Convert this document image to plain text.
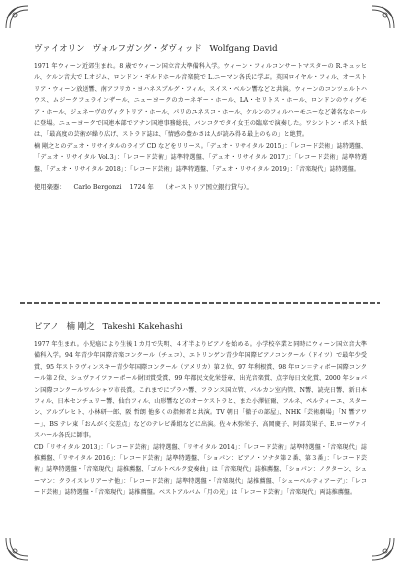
ヴァイオリン ヴォルフガング・ダヴィッド Wolfgang David

1971 年ウィーン近郊生まれ。8 歳でウィーン国立音大準備科入学。ウィーン・フィルコンサートマスターの R.キュッヒル、ケルン音大で I.オジム、ロンドン・ギルドホール音楽院で L.ニーマン各氏に学ぶ。英国ロイヤル・フィル、オーストリア・ウィーン放送響、南アフリカ・ヨハネスブルグ・フィル、スイス・ベルン響などと共演。ウィーンのコンツェルトハウス、ムジークフェラインザール、ニューヨークのカーネギー・ホール、LA・セリトス・ホール、ロンドンのウィグモア・ホール、ジュネーヴのヴィクトリア・ホール、パリのユネスコ・ホール、ケルンのフィルハーモニーなど著名なホールに登場。ニューヨークで国連本部でアナン国連事務総長、バンコクでタイ女王の臨席で演奏した。ワシントン・ポスト紙は、「最高度の芸術が繰り広げ、ストラド誌は、「情感の豊かさは人が読み得る最上のもの」と絶賛。

楠 剛之とのデュオ・リサイタルのライブ CD などをリリース。「デュオ・リサイタル 2015」：「レコード芸術」誌特選盤、「デュオ・リサイタル Vol.3」：「レコード芸術」誌準特選盤、「デュオ・リサイタル 2017」：「レコード芸術」誌準特選盤、「デュオ・リサイタル 2018」：「レコード芸術」誌準特選盤、「デュオ・リサイタル 2019」：「音楽現代」誌特選盤。

使用楽器： Carlo Bergonzi 1724 年 （オーストリア国立銀行貸与）。
ピアノ 楠 剛之 Takeshi Kakehashi

1977 年生まれ。小児癌により生後１カ月で失明、４才半よりピアノを始める。小学校卒業と同時にウィーン国立音大準備科入学。94 年青少年国際音楽コンクール（チェコ）、エトリンゲン青少年国際ピアノコンクール（ドイツ）で最年少受賞、95 年ストラヴィンスキー青少年国際コンクール（アメリカ）第２位、97 年利根賞、98 年ロン＝ティボー国際コンクール第２位、シュヴァイツァーポール財団賞受賞、99 年都民文化栄誉章、出光音楽賞、点字毎日文化賞、2000 年ショパン国際コンクールワルシャワ市長賞。これまでにプラハ響、フランス国立管、パルカン室内管、N響、読売日響、新日本フィル、日本センチュリー響、仙台フィル、山形響などのオーケストラと、また小澤征爾、フルネ、ペルティーエ、スターン、アルブレヒト、小林研一郎、阪 哲朗 他多くの指揮者と共演。TV 朝日「徹子の部屋」、NHK「芸術劇場」「N 響アワー」、BS テレ東「おんがく交差点」などのテレビ番組などに出演。佐々木弥栄子、高岡慶子、阿部美果子、E.ローヴァイスハール各氏に師事。

CD「リサイタル 2013」：「レコード芸術」誌特選盤、「リサイタル 2014」：「レコード芸術」誌準特選盤・「音楽現代」誌推薦盤、「リサイタル 2016」：「レコード芸術」誌準特選盤、「ショパン：ピアノ・ソナタ第２番、第３番」：「レコード芸術」誌準特選盤・「音楽現代」誌推薦盤、「ゴルトベルク変奏曲」は「音楽現代」誌推薦盤、「ショパン：ノクターン、シューマン：クライスレリアーナ他」：「レコード芸術」誌準特選盤・「音楽現代」誌推薦盤、「シューベルティアーデ」：「レコード芸術」誌特選盤・「音楽現代」誌推薦盤。ベストアルバム「月の光」は「レコード芸術」「音楽現代」両誌推薦盤。
